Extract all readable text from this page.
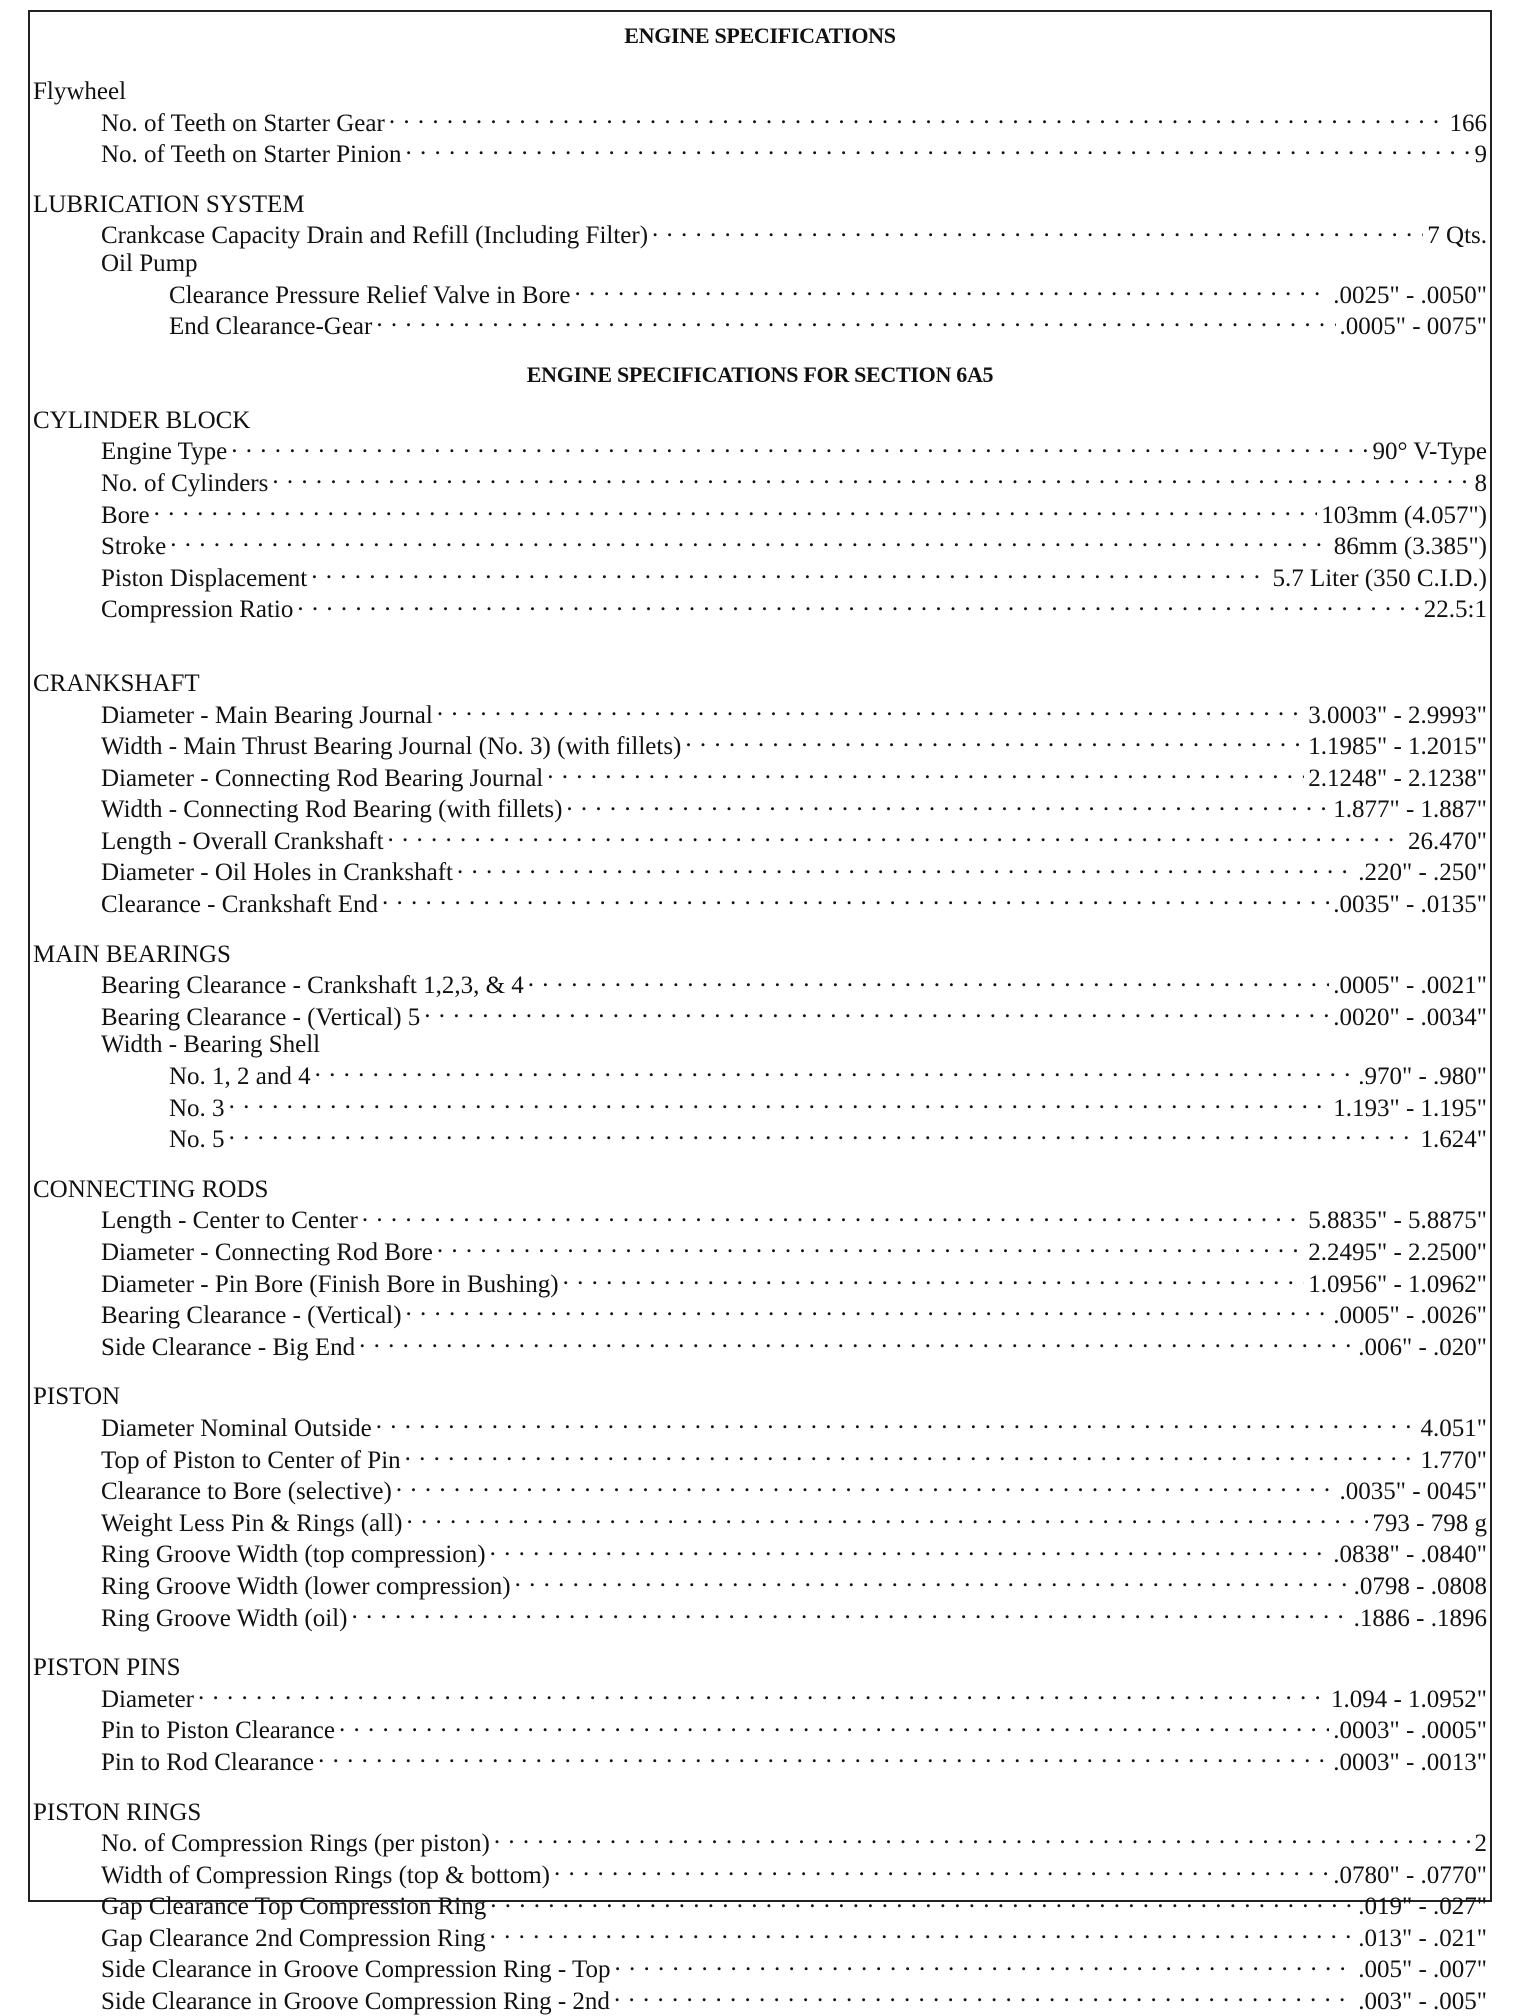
ENGINE SPECIFICATIONS
Flywheel
No. of Teeth on Starter Gear . . .	166
No. of Teeth on Starter Pinion . . .	9
LUBRICATION SYSTEM
Crankcase Capacity Drain and Refill (Including Filter) . . .	7 Qts.
Oil Pump
Clearance Pressure Relief Valve in Bore . . .	.0025" - .0050"
End Clearance-Gear . . .	.0005" - 0075"
ENGINE SPECIFICATIONS FOR SECTION 6A5
CYLINDER BLOCK
Engine Type . . .	90° V-Type
No. of Cylinders . . .	8
Bore . . .	103mm (4.057")
Stroke . . .	86mm (3.385")
Piston Displacement . . .	5.7 Liter (350 C.I.D.)
Compression Ratio . . .	22.5:1
CRANKSHAFT
Diameter - Main Bearing Journal . . .	3.0003" - 2.9993"
Width - Main Thrust Bearing Journal (No. 3) (with fillets) . . .	1.1985" - 1.2015"
Diameter - Connecting Rod Bearing Journal . . .	2.1248" - 2.1238"
Width - Connecting Rod Bearing (with fillets) . . .	1.877" - 1.887"
Length - Overall Crankshaft . . .	26.470"
Diameter - Oil Holes in Crankshaft . . .	.220" - .250"
Clearance - Crankshaft End . . .	.0035" - .0135"
MAIN BEARINGS
Bearing Clearance - Crankshaft 1,2,3, & 4 . . .	.0005" - .0021"
Bearing Clearance - (Vertical) 5 . . .	.0020" - .0034"
Width - Bearing Shell
No. 1, 2 and 4 . . .	.970" - .980"
No. 3 . . .	1.193" - 1.195"
No. 5 . . .	1.624"
CONNECTING RODS
Length - Center to Center . . .	5.8835" - 5.8875"
Diameter - Connecting Rod Bore . . .	2.2495" - 2.2500"
Diameter - Pin Bore (Finish Bore in Bushing) . . .	1.0956" - 1.0962"
Bearing Clearance - (Vertical) . . .	.0005" - .0026"
Side Clearance - Big End . . .	.006" - .020"
PISTON
Diameter Nominal Outside . . .	4.051"
Top of Piston to Center of Pin . . .	1.770"
Clearance to Bore (selective) . . .	.0035" - 0045"
Weight Less Pin & Rings (all) . . .	793 - 798 g
Ring Groove Width (top compression) . . .	.0838" - .0840"
Ring Groove Width (lower compression) . . .	.0798 - .0808
Ring Groove Width (oil) . . .	.1886 - .1896
PISTON PINS
Diameter . . .	1.094 - 1.0952"
Pin to Piston Clearance . . .	.0003" - .0005"
Pin to Rod Clearance . . .	.0003" - .0013"
PISTON RINGS
No. of Compression Rings (per piston) . . .	2
Width of Compression Rings (top & bottom) . . .	.0780" - .0770"
Gap Clearance Top Compression Ring . . .	.019" - .027"
Gap Clearance 2nd Compression Ring . . .	.013" - .021"
Side Clearance in Groove Compression Ring - Top . . .	.005" - .007"
Side Clearance in Groove Compression Ring - 2nd . . .	.003" - .005"
